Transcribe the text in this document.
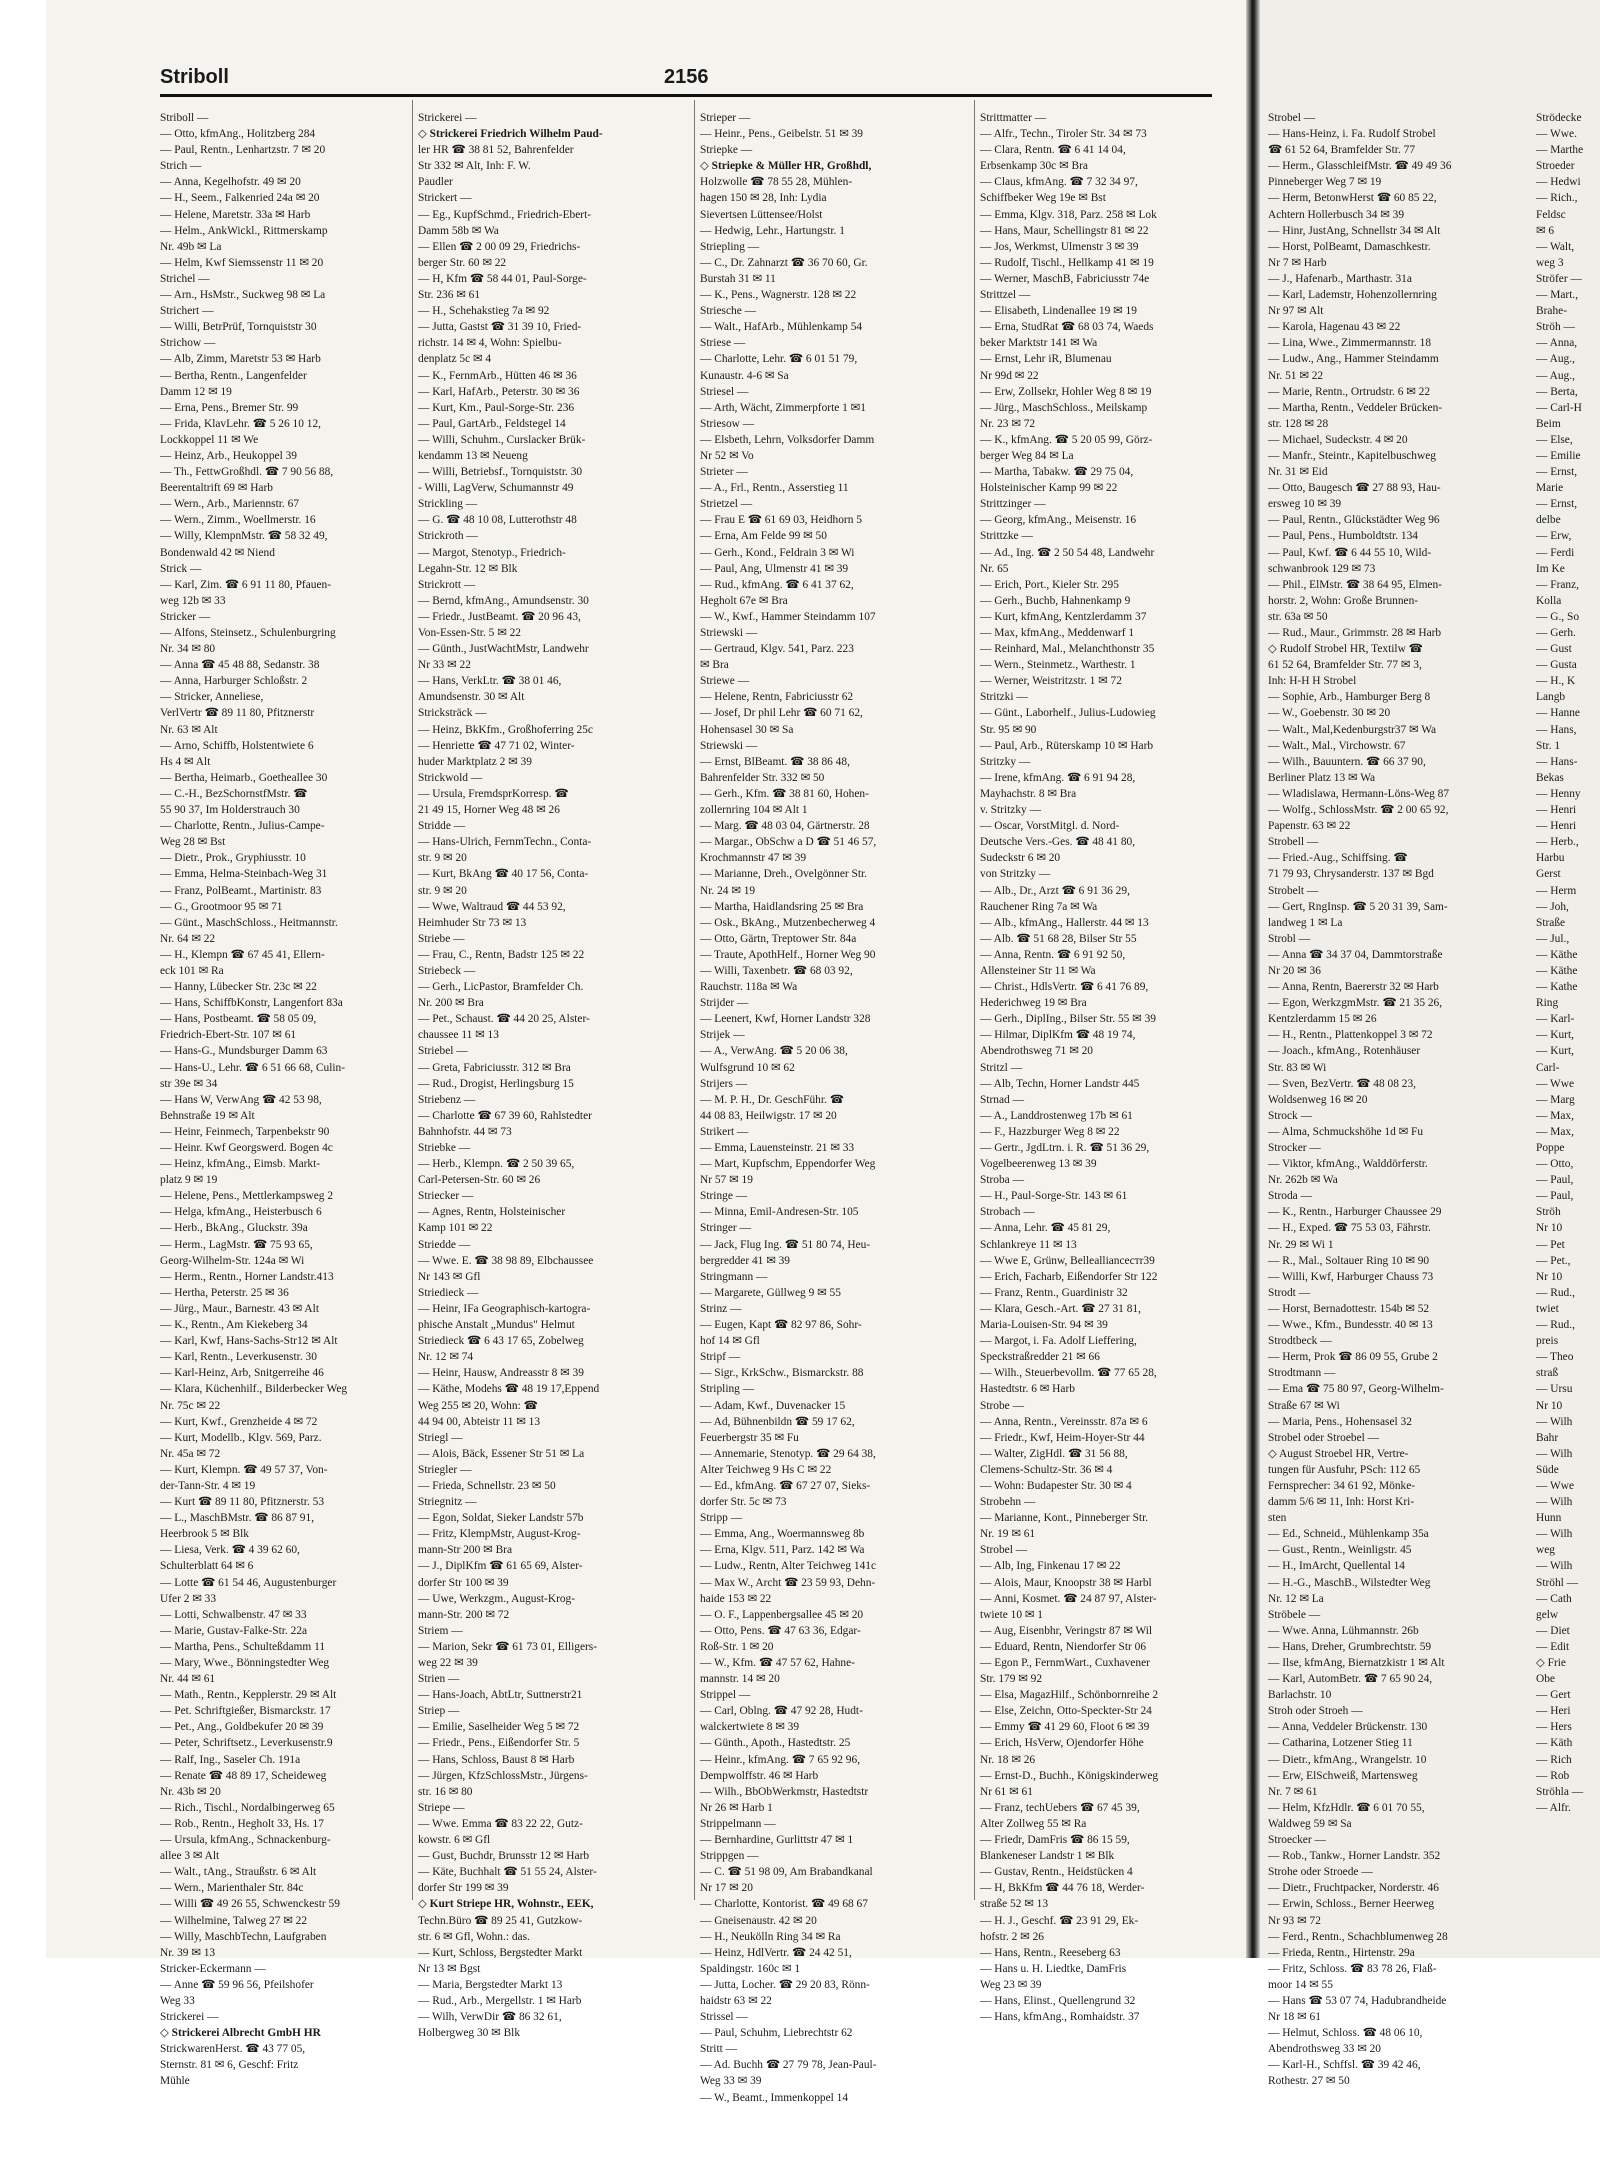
Striboll	2156
Striboll —
— Otto, kfmAng., Holitzberg 284
— Paul, Rentn., Lenhartzstr. 7 ✉ 20
Strich —
— Anna, Kegelhofstr. 49 ✉ 20
— H., Seem., Falkenried 24a ✉ 20
— Helene, Maretstr. 33a ✉ Harb
— Helm., AnkWickl., Rittmerskamp
Nr. 49b ✉ La
— Helm, Kwf Siemssenstr 11 ✉ 20
Strichel —
— Arn., HsMstr., Suckweg 98 ✉ La
Strichert —
— Willi, BetrPrüf, Tornquiststr 30
Strichow —
— Alb, Zimm, Maretstr 53 ✉ Harb
— Bertha, Rentn., Langenfelder
Damm 12 ✉ 19
— Erna, Pens., Bremer Str. 99
— Frida, KlavLehr. ☎ 5 26 10 12,
Lockkoppel 11 ✉ We
— Heinz, Arb., Heukoppel 39
— Th., FettwGroßhdl. ☎ 7 90 56 88,
Beerentaltrift 69 ✉ Harb
— Wern., Arb., Mariennstr. 67
— Wern., Zimm., Woellmerstr. 16
— Willy, KlempnMstr. ☎ 58 32 49,
Bondenwald 42 ✉ Niend
Strick —
— Karl, Zim. ☎ 6 91 11 80, Pfauen-
weg 12b ✉ 33
Stricker —
— Alfons, Steinsetz., Schulenburgring
Nr. 34 ✉ 80
— Anna ☎ 45 48 88, Sedanstr. 38
— Anna, Harburger Schloßstr. 2
— Stricker, Anneliese,
VerlVertr ☎ 89 11 80, Pfitznerstr
Nr. 63 ✉ Alt
— Arno, Schiffb, Holstentwiete 6
Hs 4 ✉ Alt
— Bertha, Heimarb., Goetheallee 30
— C.-H., BezSchornstfMstr. ☎
55 90 37, Im Holderstrauch 30
— Charlotte, Rentn., Julius-Campe-
Weg 28 ✉ Bst
— Dietr., Prok., Gryphiusstr. 10
— Emma, Helma-Steinbach-Weg 31
— Franz, PolBeamt., Martinistr. 83
— G., Grootmoor 95 ✉ 71
— Günt., MaschSchloss., Heitmannstr.
Nr. 64 ✉ 22
— H., Klempn ☎ 67 45 41, Ellern-
eck 101 ✉ Ra
— Hanny, Lübecker Str. 23c ✉ 22
— Hans, SchiffbKonstr, Langenfort 83a
— Hans, Postbeamt. ☎ 58 05 09,
Friedrich-Ebert-Str. 107 ✉ 61
— Hans-G., Mundsburger Damm 63
— Hans-U., Lehr. ☎ 6 51 66 68, Culin-
str 39e ✉ 34
— Hans W, VerwAng ☎ 42 53 98,
Behnstraße 19 ✉ Alt
— Heinr, Feinmech, Tarpenbekstr 90
— Heinr. Kwf Georgswerd. Bogen 4c
— Heinz, kfmAng., Eimsb. Markt-
platz 9 ✉ 19
— Helene, Pens., Mettlerkampsweg 2
— Helga, kfmAng., Heisterbusch 6
— Herb., BkAng., Gluckstr. 39a
— Herm., LagMstr. ☎ 75 93 65,
Georg-Wilhelm-Str. 124a ✉ Wi
— Herm., Rentn., Horner Landstr.413
— Hertha, Peterstr. 25 ✉ 36
— Jürg., Maur., Barnestr. 43 ✉ Alt
— K., Rentn., Am Kiekeberg 34
— Karl, Kwf, Hans-Sachs-Str12 ✉ Alt
— Karl, Rentn., Leverkusenstr. 30
— Karl-Heinz, Arb, Snitgerreihe 46
— Klara, Küchenhilf., Bilderbecker Weg
Nr. 75c ✉ 22
— Kurt, Kwf., Grenzheide 4 ✉ 72
— Kurt, Modellb., Klgv. 569, Parz.
Nr. 45a ✉ 72
— Kurt, Klempn. ☎ 49 57 37, Von-
der-Tann-Str. 4 ✉ 19
— Kurt ☎ 89 11 80, Pfitznerstr. 53
— L., MaschBMstr. ☎ 86 87 91,
Heerbrook 5 ✉ Blk
— Liesa, Verk. ☎ 4 39 62 60,
Schulterblatt 64 ✉ 6
— Lotte ☎ 61 54 46, Augustenburger
Ufer 2 ✉ 33
— Lotti, Schwalbenstr. 47 ✉ 33
— Marie, Gustav-Falke-Str. 22a
— Martha, Pens., Schulteßdamm 11
— Mary, Wwe., Bönningstedter Weg
Nr. 44 ✉ 61
— Math., Rentn., Kepplerstr. 29 ✉ Alt
— Pet. Schriftgießer, Bismarckstr. 17
— Pet., Ang., Goldbekufer 20 ✉ 39
— Peter, Schriftsetz., Leverkusenstr.9
— Ralf, Ing., Saseler Ch. 191a
— Renate ☎ 48 89 17, Scheideweg
Nr. 43b ✉ 20
— Rich., Tischl., Nordalbingerweg 65
— Rob., Rentn., Hegholt 33, Hs. 17
— Ursula, kfmAng., Schnackenburg-
allee 3 ✉ Alt
— Walt., tAng., Straußstr. 6 ✉ Alt
— Wern., Marienthaler Str. 84c
— Willi ☎ 49 26 55, Schwenckestr 59
— Wilhelmine, Talweg 27 ✉ 22
— Willy, MaschbTechn, Laufgraben
Nr. 39 ✉ 13
Stricker-Eckermann —
— Anne ☎ 59 96 56, Pfeilshofer
Weg 33
Strickerei —
◇ Strickerei Albrecht GmbH HR
StrickwarenHerst. ☎ 43 77 05,
Sternstr. 81 ✉ 6, Geschf: Fritz
Mühle
Strickerei —
◇ Strickerei Friedrich Wilhelm Paud-
ler HR ☎ 38 81 52, Bahrenfelder
Str 332 ✉ Alt, Inh: F. W.
Paudler
Strickert —
— Eg., KupfSchmd., Friedrich-Ebert-
Damm 58b ✉ Wa
— Ellen ☎ 2 00 09 29, Friedrichs-
berger Str. 60 ✉ 22
— H, Kfm ☎ 58 44 01, Paul-Sorge-
Str. 236 ✉ 61
— H., Schehakstieg 7a ✉ 92
— Jutta, Gastst ☎ 31 39 10, Fried-
richstr. 14 ✉ 4, Wohn: Spielbu-
denplatz 5c ✉ 4
— K., FernmArb., Hütten 46 ✉ 36
— Karl, HafArb., Peterstr. 30 ✉ 36
— Kurt, Km., Paul-Sorge-Str. 236
— Paul, GartArb., Feldstegel 14
— Willi, Schuhm., Curslacker Brük-
kendamm 13 ✉ Neueng
— Willi, Betriebsf., Tornquiststr. 30
- Willi, LagVerw, Schumannstr 49
Strickling —
— G. ☎ 48 10 08, Lutterothstr 48
Strickroth —
— Margot, Stenotyp., Friedrich-
Legahn-Str. 12 ✉ Blk
Strickrott —
— Bernd, kfmAng., Amundsenstr. 30
— Friedr., JustBeamt. ☎ 20 96 43,
Von-Essen-Str. 5 ✉ 22
— Günth., JustWachtMstr, Landwehr
Nr 33 ✉ 22
— Hans, VerkLtr. ☎ 38 01 46,
Amundsenstr. 30 ✉ Alt
Stricksträck —
— Heinz, BkKfm., Großhoferring 25c
— Henriette ☎ 47 71 02, Winter-
huder Marktplatz 2 ✉ 39
Strickwold —
— Ursula, FremdsprKorresp. ☎
21 49 15, Horner Weg 48 ✉ 26
Stridde —
— Hans-Ulrich, FernmTechn., Conta-
str. 9 ✉ 20
— Kurt, BkAng ☎ 40 17 56, Conta-
str. 9 ✉ 20
— Wwe, Waltraud ☎ 44 53 92,
Heimhuder Str 73 ✉ 13
Striebe —
— Frau, C., Rentn, Badstr 125 ✉ 22
Striebeck —
— Gerh., LicPastor, Bramfelder Ch.
Nr. 200 ✉ Bra
— Pet., Schaust. ☎ 44 20 25, Alster-
chaussee 11 ✉ 13
Striebel —
— Greta, Fabriciusstr. 312 ✉ Bra
— Rud., Drogist, Herlingsburg 15
Striebenz —
— Charlotte ☎ 67 39 60, Rahlstedter
Bahnhofstr. 44 ✉ 73
Striebke —
— Herb., Klempn. ☎ 2 50 39 65,
Carl-Petersen-Str. 60 ✉ 26
Striecker —
— Agnes, Rentn, Holsteinischer
Kamp 101 ✉ 22
Striedde —
— Wwe. E. ☎ 38 98 89, Elbchaussee
Nr 143 ✉ Gfl
Striedieck —
— Heinr, IFa Geographisch-kartogra-
phische Anstalt „Mundus" Helmut
Striedieck ☎ 6 43 17 65, Zobelweg
Nr. 12 ✉ 74
— Heinr, Hausw, Andreasstr 8 ✉ 39
— Käthe, Modehs ☎ 48 19 17,Eppend
Weg 255 ✉ 20, Wohn: ☎
44 94 00, Abteistr 11 ✉ 13
Striegl —
— Alois, Bäck, Essener Str 51 ✉ La
Striegler —
— Frieda, Schnellstr. 23 ✉ 50
Striegnitz —
— Egon, Soldat, Sieker Landstr 57b
— Fritz, KlempMstr, August-Krog-
mann-Str 200 ✉ Bra
— J., DiplKfm ☎ 61 65 69, Alster-
dorfer Str 100 ✉ 39
— Uwe, Werkzgm., August-Krog-
mann-Str. 200 ✉ 72
Striem —
— Marion, Sekr ☎ 61 73 01, Elligers-
weg 22 ✉ 39
Strien —
— Hans-Joach, AbtLtr, Suttnerstr21
Striep —
— Emilie, Saselheider Weg 5 ✉ 72
— Friedr., Pens., Eißendorfer Str. 5
— Hans, Schloss, Baust 8 ✉ Harb
— Jürgen, KfzSchlossMstr., Jürgens-
str. 16 ✉ 80
Striepe —
— Wwe. Emma ☎ 83 22 22, Gutz-
kowstr. 6 ✉ Gfl
— Gust, Buchdr, Brunsstr 12 ✉ Harb
— Käte, Buchhalt ☎ 51 55 24, Alster-
dorfer Str 199 ✉ 39
◇ Kurt Striepe HR, Wohnstr., EEK,
Techn.Büro ☎ 89 25 41, Gutzkow-
str. 6 ✉ Gfl, Wohn.: das.
— Kurt, Schloss, Bergstedter Markt
Nr 13 ✉ Bgst
— Maria, Bergstedter Markt 13
— Rud., Arb., Mergellstr. 1 ✉ Harb
— Wilh, VerwDir ☎ 86 32 61,
Holbergweg 30 ✉ Blk
Strieper —
— Heinr., Pens., Geibelstr. 51 ✉ 39
Striepke —
◇ Striepke & Müller HR, Großhdl,
Holzwolle ☎ 78 55 28, Mühlen-
hagen 150 ✉ 28, Inh: Lydia
Sievertsen Lüttensee/Holst
— Hedwig, Lehr., Hartungstr. 1
Striepling —
— C., Dr. Zahnarzt ☎ 36 70 60, Gr.
Burstah 31 ✉ 11
— K., Pens., Wagnerstr. 128 ✉ 22
Striesche —
— Walt., HafArb., Mühlenkamp 54
Striese —
— Charlotte, Lehr. ☎ 6 01 51 79,
Kunaustr. 4-6 ✉ Sa
Striesel —
— Arth, Wächt, Zimmerpforte 1 ✉1
Striesow —
— Elsbeth, Lehrn, Volksdorfer Damm
Nr 52 ✉ Vo
Strieter —
— A., Frl., Rentn., Asserstieg 11
Strietzel —
— Frau E ☎ 61 69 03, Heidhorn 5
— Erna, Am Felde 99 ✉ 50
— Gerh., Kond., Feldrain 3 ✉ Wi
— Paul, Ang, Ulmenstr 41 ✉ 39
— Rud., kfmAng. ☎ 6 41 37 62,
Hegholt 67e ✉ Bra
— W., Kwf., Hammer Steindamm 107
Striewski —
— Gertraud, Klgv. 541, Parz. 223
✉ Bra
Striewe —
— Helene, Rentn, Fabriciusstr 62
— Josef, Dr phil Lehr ☎ 60 71 62,
Hohensasel 30 ✉ Sa
Striewski —
— Ernst, BlBeamt. ☎ 38 86 48,
Bahrenfelder Str. 332 ✉ 50
— Gerh., Kfm. ☎ 38 81 60, Hohen-
zollernring 104 ✉ Alt 1
— Marg. ☎ 48 03 04, Gärtnerstr. 28
— Margar., ObSchw a D ☎ 51 46 57,
Krochmannstr 47 ✉ 39
— Marianne, Dreh., Ovelgönner Str.
Nr. 24 ✉ 19
— Martha, Haidlandsring 25 ✉ Bra
— Osk., BkAng., Mutzenbecherweg 4
— Otto, Gärtn, Treptower Str. 84a
— Traute, ApothHelf., Horner Weg 90
— Willi, Taxenbetr. ☎ 68 03 92,
Rauchstr. 118a ✉ Wa
Strijder —
— Leenert, Kwf, Horner Landstr 328
Strijek —
— A., VerwAng. ☎ 5 20 06 38,
Wulfsgrund 10 ✉ 62
Strijers —
— M. P. H., Dr. GeschFühr. ☎
44 08 83, Heilwigstr. 17 ✉ 20
Strikert —
— Emma, Lauensteinstr. 21 ✉ 33
— Mart, Kupfschm, Eppendorfer Weg
Nr 57 ✉ 19
Stringe —
— Minna, Emil-Andresen-Str. 105
Stringer —
— Jack, Flug Ing. ☎ 51 80 74, Heu-
bergredder 41 ✉ 39
Stringmann —
— Margarete, Güllweg 9 ✉ 55
Strinz —
— Eugen, Kapt ☎ 82 97 86, Sohr-
hof 14 ✉ Gfl
Stripf —
— Sigr., KrkSchw., Bismarckstr. 88
Stripling —
— Adam, Kwf., Duvenacker 15
— Ad, Bühnenbildn ☎ 59 17 62,
Feuerbergstr 35 ✉ Fu
— Annemarie, Stenotyp. ☎ 29 64 38,
Alter Teichweg 9 Hs C ✉ 22
— Ed., kfmAng. ☎ 67 27 07, Sieks-
dorfer Str. 5c ✉ 73
Stripp —
— Emma, Ang., Woermannsweg 8b
— Erna, Klgv. 511, Parz. 142 ✉ Wa
— Ludw., Rentn, Alter Teichweg 141c
— Max W., Archt ☎ 23 59 93, Dehn-
haide 153 ✉ 22
— O. F., Lappenbergsallee 45 ✉ 20
— Otto, Pens. ☎ 47 63 36, Edgar-
Roß-Str. 1 ✉ 20
— W., Kfm. ☎ 47 57 62, Hahne-
mannstr. 14 ✉ 20
Strippel —
— Carl, Oblng. ☎ 47 92 28, Hudt-
walckertwiete 8 ✉ 39
— Günth., Apoth., Hastedtstr. 25
— Heinr., kfmAng. ☎ 7 65 92 96,
Dempwolffstr. 46 ✉ Harb
— Wilh., BbObWerkmstr, Hastedtstr
Nr 26 ✉ Harb 1
Strippelmann —
— Bernhardine, Gurlittstr 47 ✉ 1
Strippgen —
— C. ☎ 51 98 09, Am Brabandkanal
Nr 17 ✉ 20
— Charlotte, Kontorist. ☎ 49 68 67
— Gneisenaustr. 42 ✉ 20
— H., Neukölln Ring 34 ✉ Ra
— Heinz, HdlVertr. ☎ 24 42 51,
Spaldingstr. 160c ✉ 1
— Jutta, Locher. ☎ 29 20 83, Rönn-
haidstr 63 ✉ 22
Strissel —
— Paul, Schuhm, Liebrechtstr 62
Stritt —
— Ad. Buchh ☎ 27 79 78, Jean-Paul-
Weg 33 ✉ 39
— W., Beamt., Immenkoppel 14
Strittmatter —
— Alfr., Techn., Tiroler Str. 34 ✉ 73
— Clara, Rentn. ☎ 6 41 14 04,
Erbsenkamp 30c ✉ Bra
— Claus, kfmAng. ☎ 7 32 34 97,
Schiffbeker Weg 19e ✉ Bst
— Emma, Klgv. 318, Parz. 258 ✉ Lok
— Hans, Maur, Schellingstr 81 ✉ 22
— Jos, Werkmst, Ulmenstr 3 ✉ 39
— Rudolf, Tischl., Hellkamp 41 ✉ 19
— Werner, MaschB, Fabriciusstr 74e
Strittzel —
— Elisabeth, Lindenallee 19 ✉ 19
— Erna, StudRat ☎ 68 03 74, Waeds
beker Marktstr 141 ✉ Wa
— Ernst, Lehr iR, Blumenau
Nr 99d ✉ 22
— Erw, Zollsekr, Hohler Weg 8 ✉ 19
— Jürg., MaschSchloss., Meilskamp
Nr. 23 ✉ 72
— K., kfmAng. ☎ 5 20 05 99, Görz-
berger Weg 84 ✉ La
— Martha, Tabakw. ☎ 29 75 04,
Holsteinischer Kamp 99 ✉ 22
Strittzinger —
— Georg, kfmAng., Meisenstr. 16
Strittzke —
— Ad., Ing. ☎ 2 50 54 48, Landwehr
Nr. 65
— Erich, Port., Kieler Str. 295
— Gerh., Buchb, Hahnenkamp 9
— Kurt, kfmAng, Kentzlerdamm 37
— Max, kfmAng., Meddenwarf 1
— Reinhard, Mal., Melanchthonstr 35
— Wern., Steinmetz., Warthestr. 1
— Werner, Weistritzstr. 1 ✉ 72
Stritzki —
— Günt., Laborhelf., Julius-Ludowieg
Str. 95 ✉ 90
— Paul, Arb., Rüterskamp 10 ✉ Harb
Stritzky —
— Irene, kfmAng. ☎ 6 91 94 28,
Mayhachstr. 8 ✉ Bra
v. Stritzky —
— Oscar, VorstMitgl. d. Nord-
Deutsche Vers.-Ges. ☎ 48 41 80,
Sudeckstr 6 ✉ 20
von Stritzky —
— Alb., Dr., Arzt ☎ 6 91 36 29,
Rauchener Ring 7a ✉ Wa
— Alb., kfmAng., Hallerstr. 44 ✉ 13
— Alb. ☎ 51 68 28, Bilser Str 55
— Anna, Rentn. ☎ 6 91 92 50,
Allensteiner Str 11 ✉ Wa
— Christ., HdlsVertr. ☎ 6 41 76 89,
Hederichweg 19 ✉ Bra
— Gerh., DiplIng., Bilser Str. 55 ✉ 39
— Hilmar, DiplKfm ☎ 48 19 74,
Abendrothsweg 71 ✉ 20
Stritzl —
— Alb, Techn, Horner Landstr 445
Strnad —
— A., Landdrostenweg 17b ✉ 61
— F., Hazzburger Weg 8 ✉ 22
— Gertr., JgdLtrn. i. R. ☎ 51 36 29,
Vogelbeerenweg 13 ✉ 39
Stroba —
— H., Paul-Sorge-Str. 143 ✉ 61
Strobach —
— Anna, Lehr. ☎ 45 81 29,
Schlankreye 11 ✉ 13
— Wwe E, Grünw, Belleallianceстr39
— Erich, Facharb, Eißendorfer Str 122
— Franz, Rentn., Guardinistr 32
— Klara, Gesch.-Art. ☎ 27 31 81,
Maria-Louisen-Str. 94 ✉ 39
— Margot, i. Fa. Adolf Lieffering,
Speckstraßredder 21 ✉ 66
— Wilh., Steuerbevollm. ☎ 77 65 28,
Hastedtstr. 6 ✉ Harb
Strobe —
— Anna, Rentn., Vereinsstr. 87a ✉ 6
— Friedr., Kwf, Heim-Hoyer-Str 44
— Walter, ZigHdl. ☎ 31 56 88,
Clemens-Schultz-Str. 36 ✉ 4
— Wohn: Budapester Str. 30 ✉ 4
Strobehn —
— Marianne, Kont., Pinneberger Str.
Nr. 19 ✉ 61
Strobel —
— Alb, Ing, Finkenau 17 ✉ 22
— Alois, Maur, Knoopstr 38 ✉ Harbl
— Anni, Kosmet. ☎ 24 87 97, Alster-
twiete 10 ✉ 1
— Aug, Eisenbhr, Veringstr 87 ✉ Wil
— Eduard, Rentn, Niendorfer Str 06
— Egon P., FernmWart., Cuxhavener
Str. 179 ✉ 92
— Elsa, MagazHilf., Schönbornreihe 2
— Else, Zeichn, Otto-Speckter-Str 24
— Emmy ☎ 41 29 60, Floot 6 ✉ 39
— Erich, HsVerw, Ojendorfer Höhe
Nr. 18 ✉ 26
— Ernst-D., Buchh., Königskinderweg
Nr 61 ✉ 61
— Franz, techUebers ☎ 67 45 39,
Alter Zollweg 55 ✉ Ra
— Friedr, DamFris ☎ 86 15 59,
Blankeneser Landstr 1 ✉ Blk
— Gustav, Rentn., Heidstücken 4
— H, BkKfm ☎ 44 76 18, Werder-
straße 52 ✉ 13
— H. J., Geschf. ☎ 23 91 29, Ek-
hofstr. 2 ✉ 26
— Hans, Rentn., Reeseberg 63
— Hans u. H. Liedtke, DamFris
Weg 23 ✉ 39
— Hans, Elinst., Quellengrund 32
— Hans, kfmAng., Romhaidstr. 37
Strobel —
— Hans-Heinz, i. Fa. Rudolf Strobel
☎ 61 52 64, Bramfelder Str. 77
— Herm., GlasschleifMstr. ☎ 49 49 36
Pinneberger Weg 7 ✉ 19
— Herm, BetonwHerst ☎ 60 85 22,
Achtern Hollerbusch 34 ✉ 39
— Hinr, JustAng, Schnellstr 34 ✉ Alt
— Horst, PolBeamt, Damaschkestr.
Nr 7 ✉ Harb
— J., Hafenarb., Marthastr. 31a
— Karl, Lademstr, Hohenzollernring
Nr 97 ✉ Alt
— Karola, Hagenau 43 ✉ 22
— Lina, Wwe., Zimmermannstr. 18
— Ludw., Ang., Hammer Steindamm
Nr. 51 ✉ 22
— Marie, Rentn., Ortrudstr. 6 ✉ 22
— Martha, Rentn., Veddeler Brücken-
str. 128 ✉ 28
— Michael, Sudeckstr. 4 ✉ 20
— Manfr., Steintr., Kapitelbuschweg
Nr. 31 ✉ Eid
— Otto, Baugesch ☎ 27 88 93, Hau-
ersweg 10 ✉ 39
— Paul, Rentn., Glückstädter Weg 96
— Paul, Pens., Humboldtstr. 134
— Paul, Kwf. ☎ 6 44 55 10, Wild-
schwanbrook 129 ✉ 73
— Phil., ElMstr. ☎ 38 64 95, Elmen-
horstr. 2, Wohn: Große Brunnen-
str. 63a ✉ 50
— Rud., Maur., Grimmstr. 28 ✉ Harb
◇ Rudolf Strobel HR, Textilw ☎
61 52 64, Bramfelder Str. 77 ✉ 3,
Inh: H-H H Strobel
— Sophie, Arb., Hamburger Berg 8
— W., Goebenstr. 30 ✉ 20
— Walt., Mal,Kedenburgstr37 ✉ Wa
— Walt., Mal., Virchowstr. 67
— Wilh., Bauuntern. ☎ 66 37 90,
Berliner Platz 13 ✉ Wa
— Wladislawa, Hermann-Löns-Weg 87
— Wolfg., SchlossMstr. ☎ 2 00 65 92,
Papenstr. 63 ✉ 22
Strobell —
— Fried.-Aug., Schiffsing. ☎
71 79 93, Chrysanderstr. 137 ✉ Bgd
Strobelt —
— Gert, RngInsp. ☎ 5 20 31 39, Sam-
landweg 1 ✉ La
Strobl —
— Anna ☎ 34 37 04, Dammtorstraße
Nr 20 ✉ 36
— Anna, Rentn, Baererstr 32 ✉ Harb
— Egon, WerkzgmMstr. ☎ 21 35 26,
Kentzlerdamm 15 ✉ 26
— H., Rentn., Plattenkoppel 3 ✉ 72
— Joach., kfmAng., Rotenhäuser
Str. 83 ✉ Wi
— Sven, BezVertr. ☎ 48 08 23,
Woldsenweg 16 ✉ 20
Strock —
— Alma, Schmuckshöhe 1d ✉ Fu
Strocker —
— Viktor, kfmAng., Walddörferstr.
Nr. 262b ✉ Wa
Stroda —
— K., Rentn., Harburger Chaussee 29
— H., Exped. ☎ 75 53 03, Fährstr.
Nr. 29 ✉ Wi 1
— R., Mal., Soltauer Ring 10 ✉ 90
— Willi, Kwf, Harburger Chauss 73
Strodt —
— Horst, Bernadottestr. 154b ✉ 52
— Wwe., Kfm., Bundesstr. 40 ✉ 13
Strodtbeck —
— Herm, Prok ☎ 86 09 55, Grube 2
Strodtmann —
— Ema ☎ 75 80 97, Georg-Wilhelm-
Straße 67 ✉ Wi
— Maria, Pens., Hohensasel 32
Strobel oder Stroebel —
◇ August Stroebel HR, Vertre-
tungen für Ausfuhr, PSch: 112 65
Fernsprecher: 34 61 92, Mönke-
damm 5/6 ✉ 11, Inh: Horst Kri-
sten
— Ed., Schneid., Mühlenkamp 35a
— Gust., Rentn., Weinligstr. 45
— H., ImArcht, Quellental 14
— H.-G., MaschB., Wilstedter Weg
Nr. 12 ✉ La
Ströbele —
— Wwe. Anna, Lühmannstr. 26b
— Hans, Dreher, Grumbrechtstr. 59
— Ilse, kfmAng, Biernatzkistr 1 ✉ Alt
— Karl, AutomBetr. ☎ 7 65 90 24,
Barlachstr. 10
Stroh oder Stroeh —
— Anna, Veddeler Brückenstr. 130
— Catharina, Lotzener Stieg 11
— Dietr., kfmAng., Wrangelstr. 10
— Erw, ElSchweiß, Martensweg
Nr. 7 ✉ 61
— Helm, KfzHdlr. ☎ 6 01 70 55,
Waldweg 59 ✉ Sa
Stroecker —
— Rob., Tankw., Horner Landstr. 352
Strohe oder Stroede —
— Dietr., Fruchtpacker, Norderstr. 46
— Erwin, Schloss., Berner Heerweg
Nr 93 ✉ 72
— Ferd., Rentn., Schachblumenweg 28
— Frieda, Rentn., Hirtenstr. 29a
— Fritz, Schloss. ☎ 83 78 26, Flaß-
moor 14 ✉ 55
— Hans ☎ 53 07 74, Hadubrandheide
Nr 18 ✉ 61
— Helmut, Schloss. ☎ 48 06 10,
Abendrothsweg 33 ✉ 20
— Karl-H., Schffsl. ☎ 39 42 46,
Rothestr. 27 ✉ 50
Strödecke
— Wwe.
— Marthe
Stroeder
— Hedwi
— Rich.,
Feldsc
✉ 6
— Walt,
weg 3
Ströfer —
— Mart.,
Brahe-
Ströh —
— Anna,
— Aug.,
— Aug.,
— Berta,
— Carl-H
Beim
— Else,
— Emilie
— Ernst,
Marie
— Ernst,
delbe
— Erw,
— Ferdi
Im Ke
— Franz,
Kolla
— G., So
— Gerh.
— Gust
— Gusta
— H., K
Langb
— Hanne
— Hans,
Str. 1
— Hans-
Bekas
— Henny
— Henri
— Henri
— Herb.,
Harbu
Gerst
— Herm
— Joh,
Straße
— Jul.,
— Käthe
— Käthe
— Kathe
Ring
— Karl-
— Kurt,
— Kurt,
Carl-
— Wwe
— Marg
— Max,
— Max,
Poppe
— Otto,
— Paul,
— Paul,
Ströh
Nr 10
— Pet
— Pet.,
Nr 10
— Rud.,
twiet
— Rud.,
preis
— Theo
straß
— Ursu
Nr 10
— Wilh
Bahr
— Wilh
Süde
— Wwe
— Wilh
Hunn
— Wilh
weg
— Wilh
Ströhl —
— Cath
gelw
— Diet
— Edit
◇ Frie
Obe
— Gert
— Heri
— Hers
— Käth
— Rich
— Rob
Ströhla —
— Alfr.
